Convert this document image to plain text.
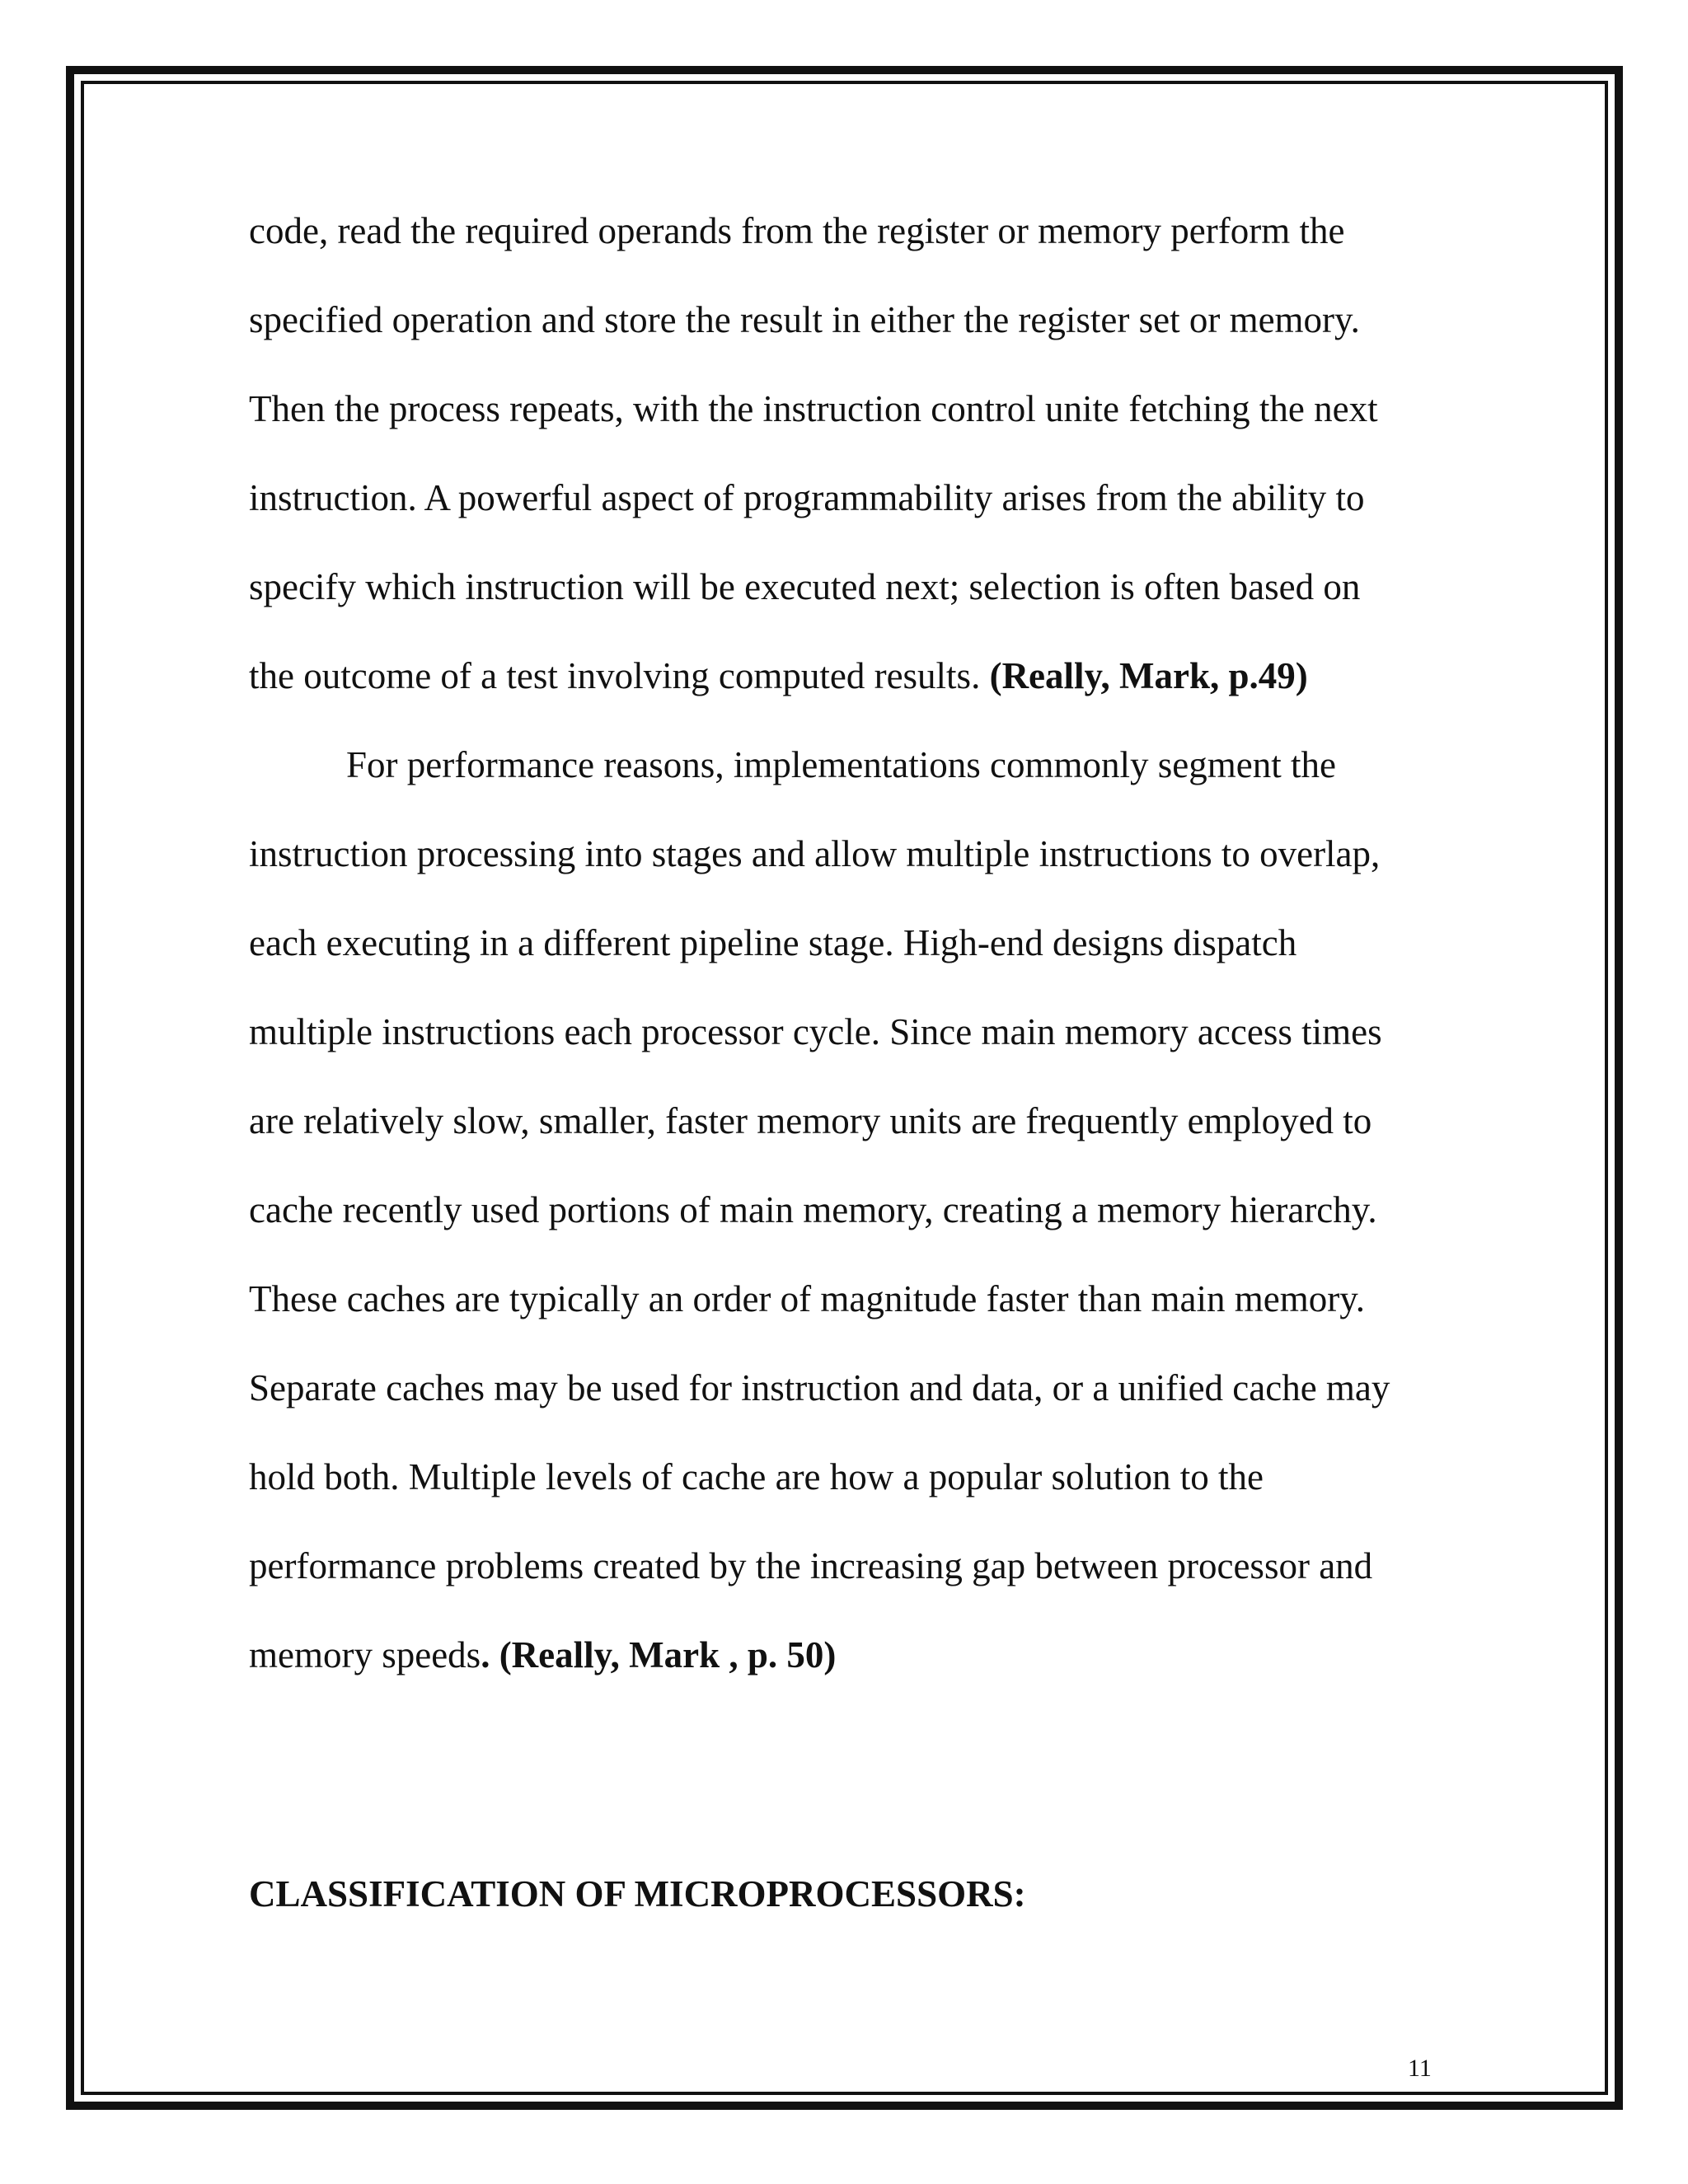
code, read the required operands from the register or memory perform the

specified operation and store the result in either the register set or memory.

Then the process repeats, with the instruction control unite fetching the next

instruction. A powerful aspect of programmability arises from the ability to

specify which instruction will be executed next; selection is often based on

the outcome of a test involving computed results. (Really, Mark, p.49)

For performance reasons, implementations commonly segment the

instruction processing into stages and allow multiple instructions to overlap,

each executing in a different pipeline stage. High-end designs dispatch

multiple instructions each processor cycle. Since main memory access times

are relatively slow, smaller, faster memory units are frequently employed to

cache recently used portions of main memory, creating a memory hierarchy.

These caches are typically an order of magnitude faster than main memory.

Separate caches may be used for instruction and data, or a unified cache may

hold both. Multiple levels of cache are how a popular solution to the

performance problems created by the increasing gap between processor and

memory speeds. (Really, Mark , p. 50)

CLASSIFICATION OF MICROPROCESSORS:

11
